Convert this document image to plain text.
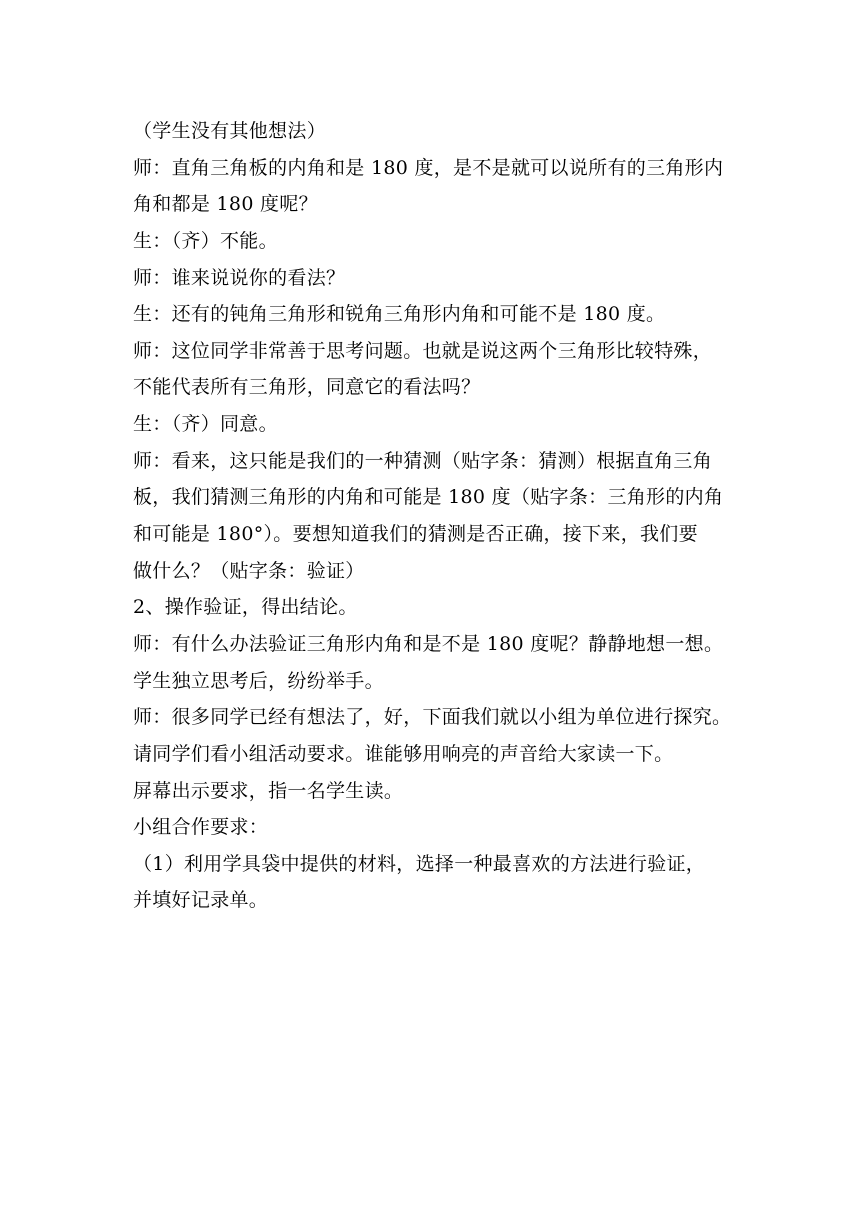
（学生没有其他想法）
师：直角三角板的内角和是 180 度，是不是就可以说所有的三角形内
角和都是 180 度呢？
生：（齐）不能。
师：谁来说说你的看法？
生：还有的钝角三角形和锐角三角形内角和可能不是 180 度。
师：这位同学非常善于思考问题。也就是说这两个三角形比较特殊，
不能代表所有三角形，同意它的看法吗？
生：（齐）同意。
师：看来，这只能是我们的一种猜测（贴字条：猜测）根据直角三角
板，我们猜测三角形的内角和可能是 180 度（贴字条：三角形的内角
和可能是 180°）。要想知道我们的猜测是否正确，接下来，我们要
做什么？（贴字条：验证）
2、操作验证，得出结论。
师：有什么办法验证三角形内角和是不是 180 度呢？静静地想一想。
学生独立思考后，纷纷举手。
师：很多同学已经有想法了，好，下面我们就以小组为单位进行探究。
请同学们看小组活动要求。谁能够用响亮的声音给大家读一下。
屏幕出示要求，指一名学生读。
小组合作要求：
（1）利用学具袋中提供的材料，选择一种最喜欢的方法进行验证，
并填好记录单。
